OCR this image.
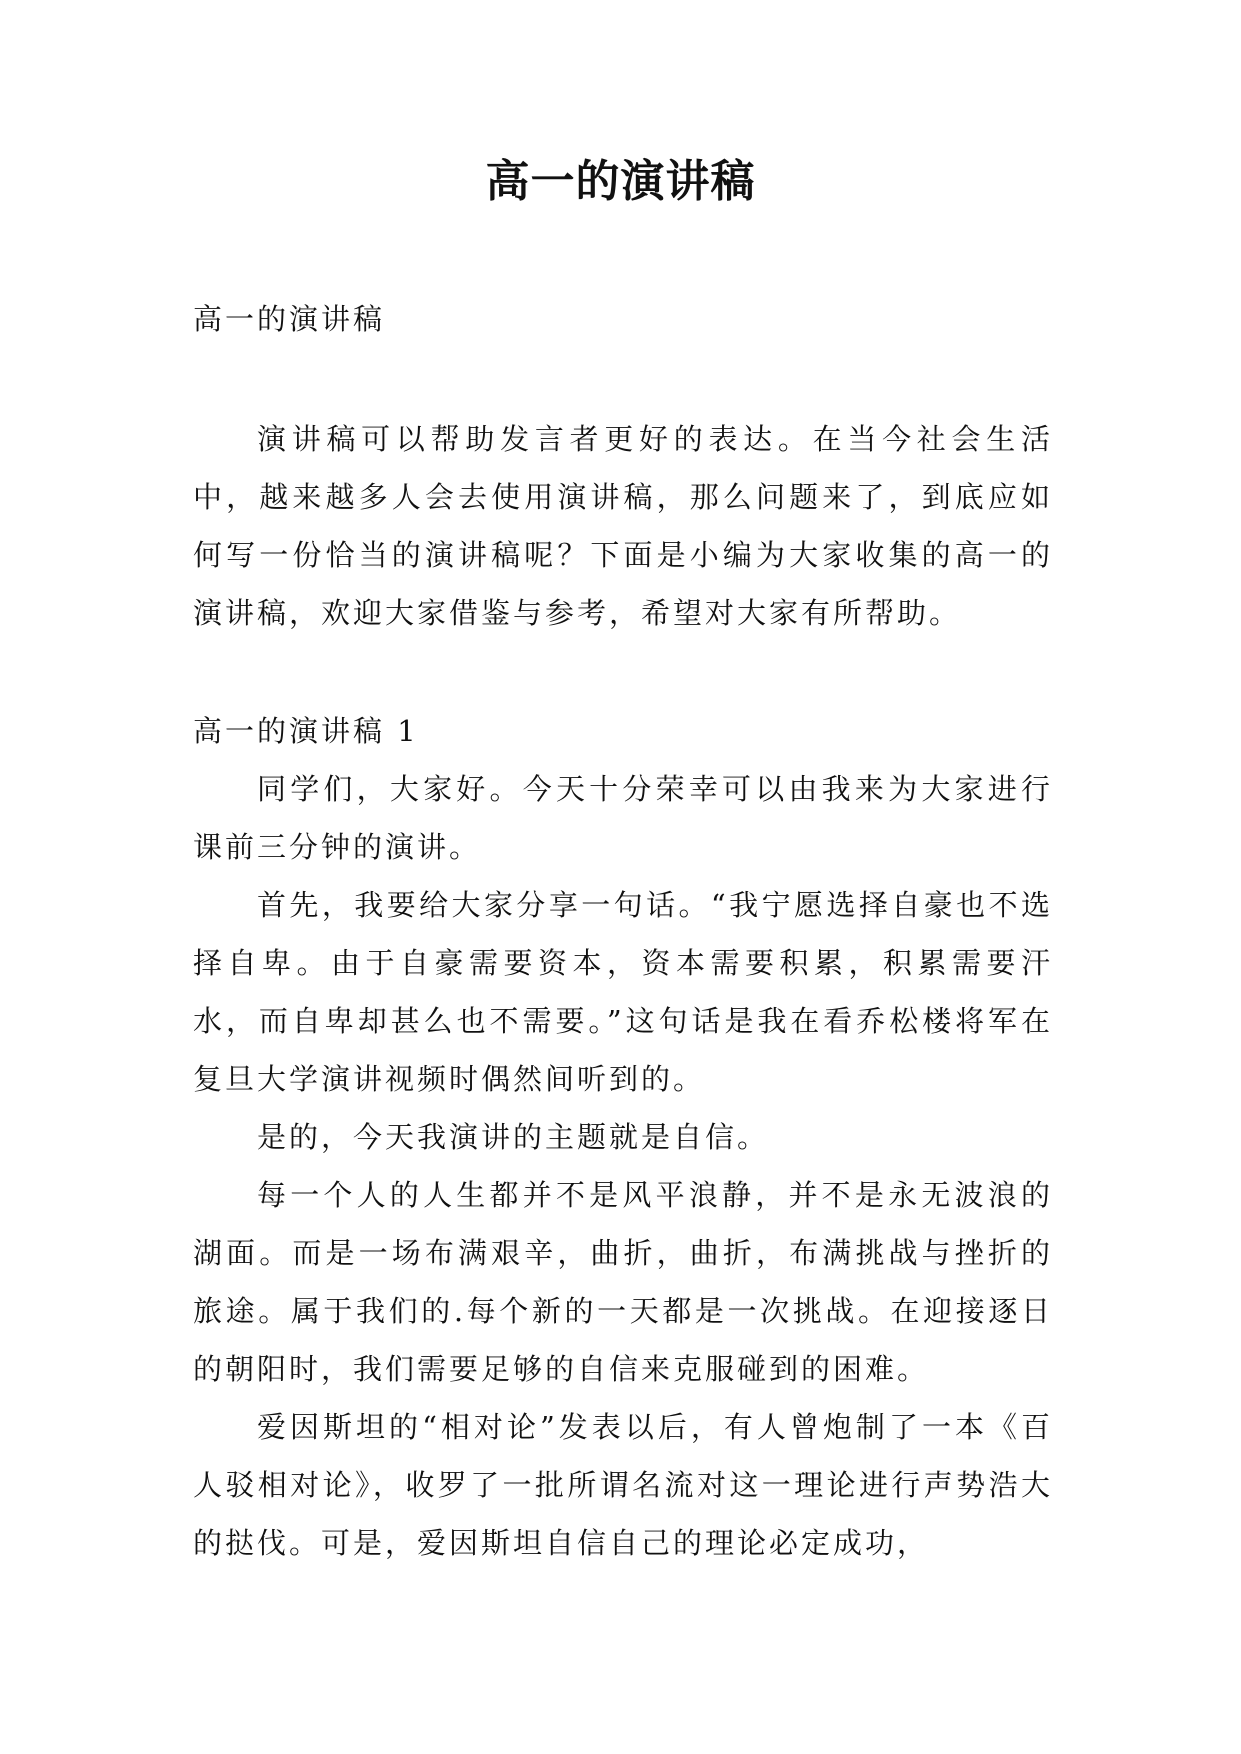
高一的演讲稿

高一的演讲稿

演讲稿可以帮助发言者更好的表达。在当今社会生活中，越来越多人会去使用演讲稿，那么问题来了，到底应如何写一份恰当的演讲稿呢？下面是小编为大家收集的高一的演讲稿，欢迎大家借鉴与参考，希望对大家有所帮助。

高一的演讲稿 1

同学们，大家好。今天十分荣幸可以由我来为大家进行课前三分钟的演讲。

首先，我要给大家分享一句话。“我宁愿选择自豪也不选择自卑。由于自豪需要资本，资本需要积累，积累需要汗水，而自卑却甚么也不需要。”这句话是我在看乔松楼将军在复旦大学演讲视频时偶然间听到的。

是的，今天我演讲的主题就是自信。

每一个人的人生都并不是风平浪静，并不是永无波浪的湖面。而是一场布满艰辛，曲折，曲折，布满挑战与挫折的旅途。属于我们的.每个新的一天都是一次挑战。在迎接逐日的朝阳时，我们需要足够的自信来克服碰到的困难。

爱因斯坦的“相对论”发表以后，有人曾炮制了一本《百人驳相对论》，收罗了一批所谓名流对这一理论进行声势浩大的挞伐。可是，爱因斯坦自信自己的理论必定成功，
